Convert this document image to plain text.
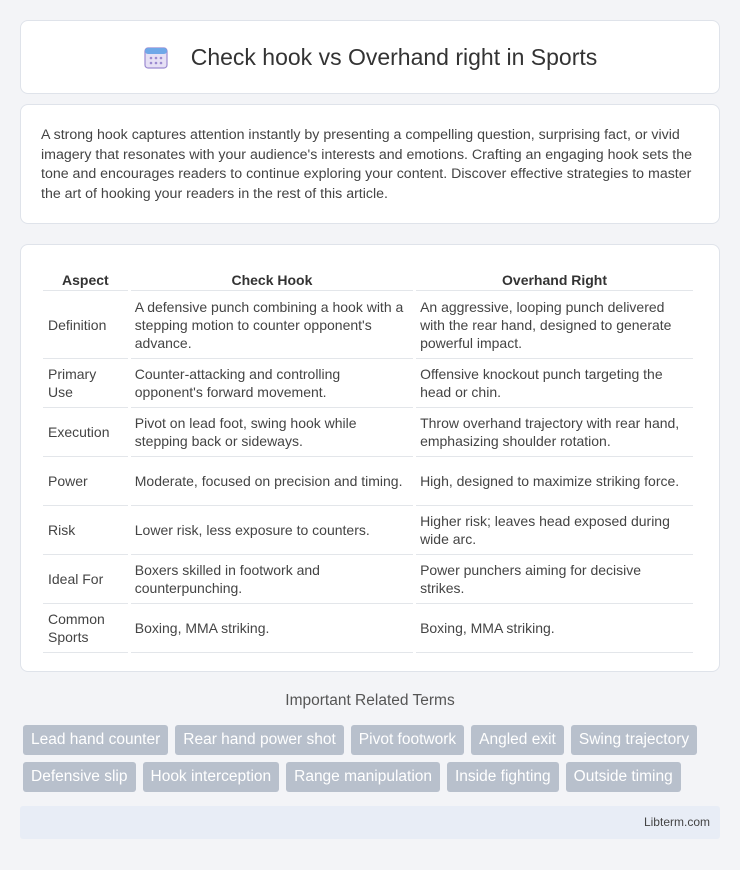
Check hook vs Overhand right in Sports

A strong hook captures attention instantly by presenting a compelling question, surprising fact, or vivid imagery that resonates with your audience's interests and emotions. Crafting an engaging hook sets the tone and encourages readers to continue exploring your content. Discover effective strategies to master the art of hooking your readers in the rest of this article.

Aspect	Check Hook	Overhand Right
Definition	A defensive punch combining a hook with a stepping motion to counter opponent's advance.	An aggressive, looping punch delivered with the rear hand, designed to generate powerful impact.
Primary Use	Counter-attacking and controlling opponent's forward movement.	Offensive knockout punch targeting the head or chin.
Execution	Pivot on lead foot, swing hook while stepping back or sideways.	Throw overhand trajectory with rear hand, emphasizing shoulder rotation.
Power	Moderate, focused on precision and timing.	High, designed to maximize striking force.
Risk	Lower risk, less exposure to counters.	Higher risk; leaves head exposed during wide arc.
Ideal For	Boxers skilled in footwork and counterpunching.	Power punchers aiming for decisive strikes.
Common Sports	Boxing, MMA striking.	Boxing, MMA striking.
Important Related Terms
Lead hand counter	Rear hand power shot	Pivot footwork	Angled exit	Swing trajectory
Defensive slip	Hook interception	Range manipulation	Inside fighting	Outside timing
Libterm.com
